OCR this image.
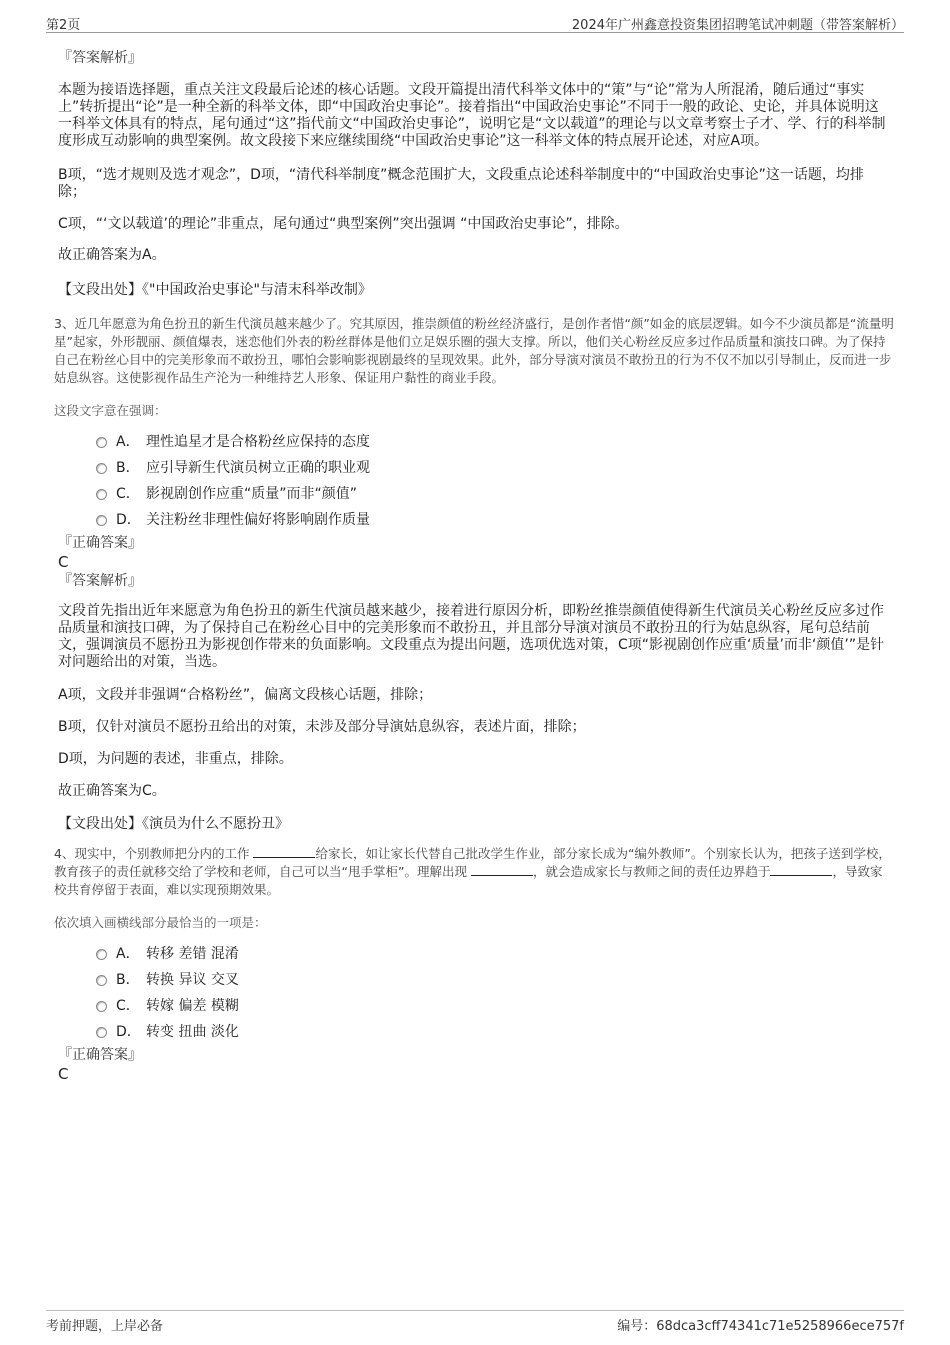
第2页	2024年广州鑫意投资集团招聘笔试冲刺题（带答案解析）

『答案解析』

本题为接语选择题，重点关注文段最后论述的核心话题。文段开篇提出清代科举文体中的“策”与“论”常为人所混淆，随后通过“事实上”转折提出“论”是一种全新的科举文体，即“中国政治史事论”。接着指出“中国政治史事论”不同于一般的政论、史论，并具体说明这一科举文体具有的特点，尾句通过“这”指代前文“中国政治史事论”，说明它是“文以载道”的理论与以文章考察士子才、学、行的科举制度形成互动影响的典型案例。故文段接下来应继续围绕“中国政治史事论”这一科举文体的特点展开论述，对应A项。

B项，“选才规则及选才观念”，D项，“清代科举制度”概念范围扩大，文段重点论述科举制度中的“中国政治史事论”这一话题，均排除；

C项，“‘文以载道’的理论”非重点，尾句通过“典型案例”突出强调 “中国政治史事论”，排除。

故正确答案为A。

【文段出处】《"中国政治史事论"与清末科举改制》

3、近几年愿意为角色扮丑的新生代演员越来越少了。究其原因，推崇颜值的粉丝经济盛行，是创作者惜“颜”如金的底层逻辑。如今不少演员都是“流量明星”起家，外形靓丽、颜值爆表，迷恋他们外表的粉丝群体是他们立足娱乐圈的强大支撑。所以，他们关心粉丝反应多过作品质量和演技口碑。为了保持自己在粉丝心目中的完美形象而不敢扮丑，哪怕会影响影视剧最终的呈现效果。此外，部分导演对演员不敢扮丑的行为不仅不加以引导制止，反而进一步姑息纵容。这使影视作品生产沦为一种维持艺人形象、保证用户黏性的商业手段。

这段文字意在强调：

A． 理性追星才是合格粉丝应保持的态度
B． 应引导新生代演员树立正确的职业观
C． 影视剧创作应重“质量”而非“颜值”
D． 关注粉丝非理性偏好将影响剧作质量

『正确答案』

C

『答案解析』

文段首先指出近年来愿意为角色扮丑的新生代演员越来越少，接着进行原因分析，即粉丝推崇颜值使得新生代演员关心粉丝反应多过作品质量和演技口碑，为了保持自己在粉丝心目中的完美形象而不敢扮丑，并且部分导演对演员不敢扮丑的行为姑息纵容，尾句总结前文，强调演员不愿扮丑为影视创作带来的负面影响。文段重点为提出问题，选项优选对策，C项“影视剧创作应重‘质量’而非‘颜值’”是针对问题给出的对策，当选。

A项，文段并非强调“合格粉丝”，偏离文段核心话题，排除；

B项，仅针对演员不愿扮丑给出的对策，未涉及部分导演姑息纵容，表述片面，排除；

D项，为问题的表述，非重点，排除。

故正确答案为C。

【文段出处】《演员为什么不愿扮丑》

4、现实中，个别教师把分内的工作	给家长，如让家长代替自己批改学生作业，部分家长成为“编外教师”。个别家长认为，把孩子送到学校，教育孩子的责任就移交给了学校和老师，自己可以当“甩手掌柜”。理解出现	，就会造成家长与教师之间的责任边界趋于	，导致家校共育停留于表面，难以实现预期效果。

依次填入画横线部分最恰当的一项是：

A． 转移 差错 混淆
B． 转换 异议 交叉
C． 转嫁 偏差 模糊
D． 转变 扭曲 淡化

『正确答案』

C

考前押题，上岸必备	编号：68dca3cff74341c71e5258966ece757f
